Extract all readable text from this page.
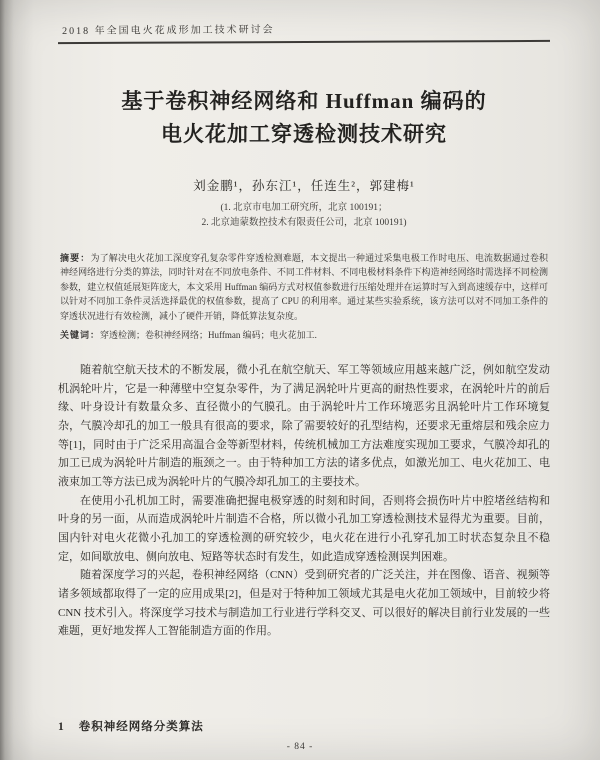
2018 年全国电火花成形加工技术研讨会
基于卷积神经网络和 Huffman 编码的
电火花加工穿透检测技术研究
刘金鹏¹，孙东江¹，任连生²，郭建梅¹
(1. 北京市电加工研究所，北京 100191；
2. 北京迪蒙数控技术有限责任公司，北京 100191)

摘要：为了解决电火花加工深度穿孔复杂零件穿透检测难题，本文提出一种通过采集电极工作时电压、电流数据通过卷积神经网络进行分类的算法，同时针对在不同放电条件、不同工件材料、不同电极材料条件下构造神经网络时需选择不同检测参数，建立权值延展矩阵庞大，本文采用 Huffman 编码方式对权值参数进行压缩处理并在运算时写入到高速缓存中，这样可以针对不同加工条件灵活选择最优的权值参数，提高了 CPU 的利用率。通过某些实验系统，该方法可以对不同加工条件的穿透状况进行有效检测，减小了硬件开销，降低算法复杂度。

关键词：穿透检测；卷积神经网络；Huffman 编码；电火花加工.

随着航空航天技术的不断发展，微小孔在航空航天、军工等领域应用越来越广泛，例如航空发动机涡轮叶片，它是一种薄壁中空复杂零件，为了满足涡轮叶片更高的耐热性要求，在涡轮叶片的前后缘、叶身设计有数量众多、直径微小的气膜孔。由于涡轮叶片工作环境恶劣且涡轮叶片工作环境复杂，气膜冷却孔的加工一般具有很高的要求，除了需要较好的孔型结构，还要求无重熔层和残余应力等[1]，同时由于广泛采用高温合金等新型材料，传统机械加工方法难度实现加工要求，气膜冷却孔的加工已成为涡轮叶片制造的瓶颈之一。由于特种加工方法的诸多优点，如激光加工、电火花加工、电液束加工等方法已成为涡轮叶片的气膜冷却孔加工的主要技术。

在使用小孔机加工时，需要准确把握电极穿透的时刻和时间，否则将会损伤叶片中腔堵丝结构和叶身的另一面，从而造成涡轮叶片制造不合格，所以微小孔加工穿透检测技术显得尤为重要。目前，国内针对电火花微小孔加工的穿透检测的研究较少，电火花在进行小孔穿孔加工时状态复杂且不稳定，如间歇放电、侧向放电、短路等状态时有发生，如此造成穿透检测误判困难。

随着深度学习的兴起，卷积神经网络（CNN）受到研究者的广泛关注，并在图像、语音、视频等诸多领域都取得了一定的应用成果[2]，但是对于特种加工领域尤其是电火花加工领域中，目前较少将 CNN 技术引入。将深度学习技术与制造加工行业进行学科交叉、可以很好的解决目前行业发展的一些难题，更好地发挥人工智能制造方面的作用。

1 卷积神经网络分类算法
- 84 -
